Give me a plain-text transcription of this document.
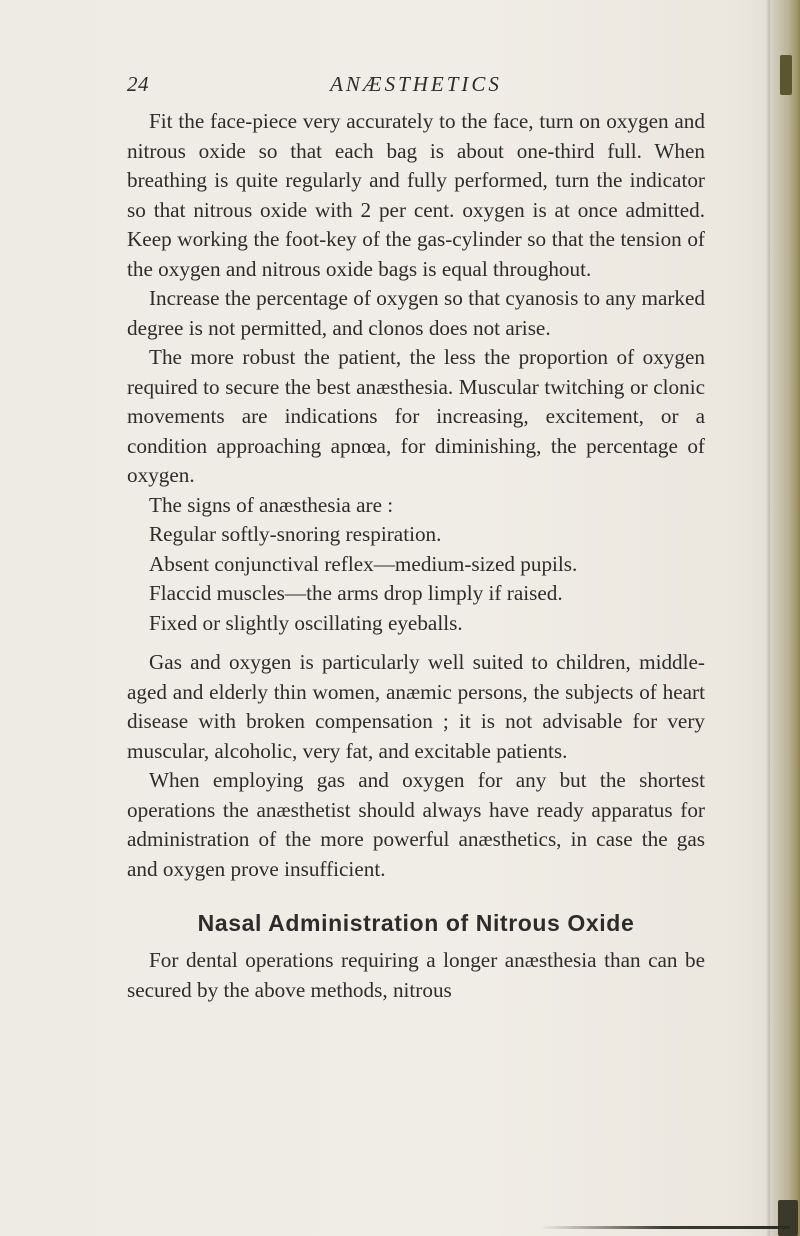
24	ANÆSTHETICS

Fit the face-piece very accurately to the face, turn on oxygen and nitrous oxide so that each bag is about one-third full. When breathing is quite regularly and fully performed, turn the indicator so that nitrous oxide with 2 per cent. oxygen is at once admitted. Keep working the foot-key of the gas-cylinder so that the tension of the oxygen and nitrous oxide bags is equal throughout.

Increase the percentage of oxygen so that cyanosis to any marked degree is not permitted, and clonos does not arise.

The more robust the patient, the less the proportion of oxygen required to secure the best anæsthesia. Muscular twitching or clonic movements are indications for increasing, excitement, or a condition approaching apnœa, for diminishing, the percentage of oxygen.

The signs of anæsthesia are :

Regular softly-snoring respiration.
Absent conjunctival reflex—medium-sized pupils.
Flaccid muscles—the arms drop limply if raised.
Fixed or slightly oscillating eyeballs.

Gas and oxygen is particularly well suited to children, middle-aged and elderly thin women, anæmic persons, the subjects of heart disease with broken compensation ; it is not advisable for very muscular, alcoholic, very fat, and excitable patients.

When employing gas and oxygen for any but the shortest operations the anæsthetist should always have ready apparatus for administration of the more powerful anæsthetics, in case the gas and oxygen prove insufficient.

Nasal Administration of Nitrous Oxide

For dental operations requiring a longer anæsthesia than can be secured by the above methods, nitrous
